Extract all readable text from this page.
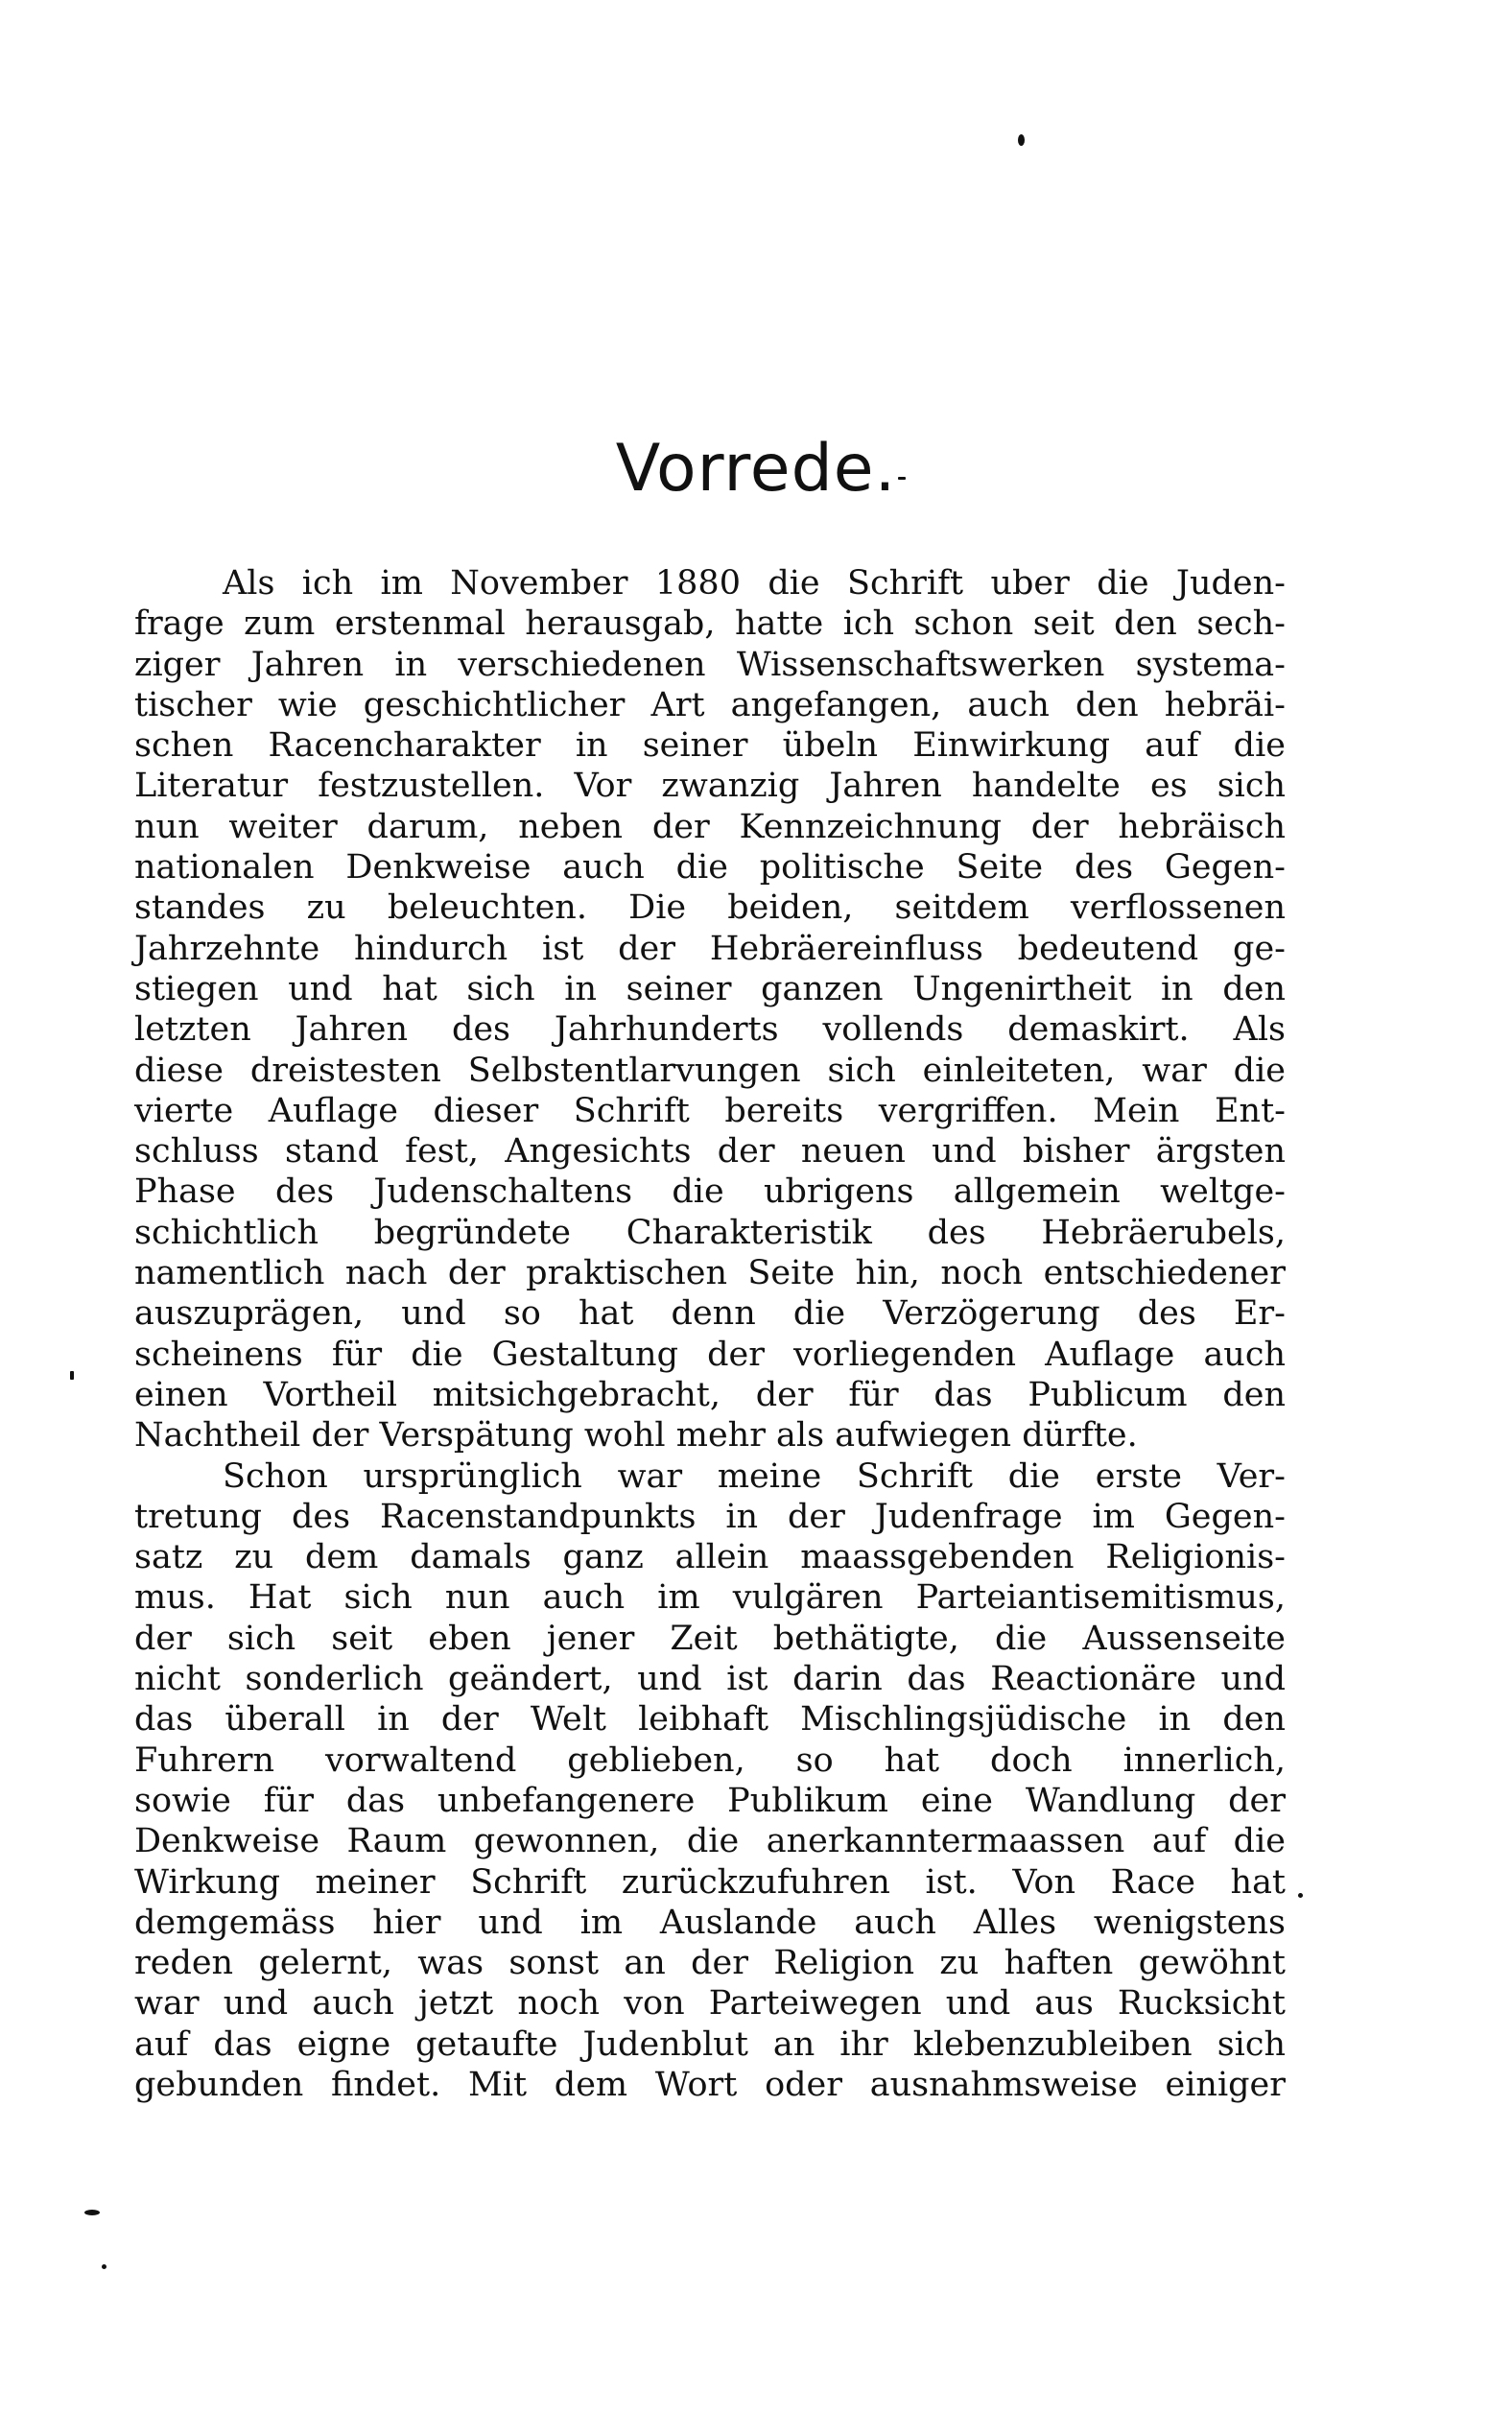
Vorrede.
Als ich im November 1880 die Schrift uber die Juden-
frage zum erstenmal herausgab, hatte ich schon seit den sech-
ziger Jahren in verschiedenen Wissenschaftswerken systema-
tischer wie geschichtlicher Art angefangen, auch den hebräi-
schen Racencharakter in seiner übeln Einwirkung auf die
Literatur festzustellen. Vor zwanzig Jahren handelte es sich
nun weiter darum, neben der Kennzeichnung der hebräisch
nationalen Denkweise auch die politische Seite des Gegen-
standes zu beleuchten. Die beiden, seitdem verflossenen
Jahrzehnte hindurch ist der Hebräereinfluss bedeutend ge-
stiegen und hat sich in seiner ganzen Ungenirtheit in den
letzten Jahren des Jahrhunderts vollends demaskirt. Als
diese dreistesten Selbstentlarvungen sich einleiteten, war die
vierte Auflage dieser Schrift bereits vergriffen. Mein Ent-
schluss stand fest, Angesichts der neuen und bisher ärgsten
Phase des Judenschaltens die ubrigens allgemein weltge-
schichtlich begründete Charakteristik des Hebräerubels,
namentlich nach der praktischen Seite hin, noch entschiedener
auszuprägen, und so hat denn die Verzögerung des Er-
scheinens für die Gestaltung der vorliegenden Auflage auch
einen Vortheil mitsichgebracht, der für das Publicum den
Nachtheil der Verspätung wohl mehr als aufwiegen dürfte.
Schon ursprünglich war meine Schrift die erste Ver-
tretung des Racenstandpunkts in der Judenfrage im Gegen-
satz zu dem damals ganz allein maassgebenden Religionis-
mus. Hat sich nun auch im vulgären Parteiantisemitismus,
der sich seit eben jener Zeit bethätigte, die Aussenseite
nicht sonderlich geändert, und ist darin das Reactionäre und
das überall in der Welt leibhaft Mischlingsjüdische in den
Fuhrern vorwaltend geblieben, so hat doch innerlich,
sowie für das unbefangenere Publikum eine Wandlung der
Denkweise Raum gewonnen, die anerkanntermaassen auf die
Wirkung meiner Schrift zurückzufuhren ist. Von Race hat
demgemäss hier und im Auslande auch Alles wenigstens
reden gelernt, was sonst an der Religion zu haften gewöhnt
war und auch jetzt noch von Parteiwegen und aus Rucksicht
auf das eigne getaufte Judenblut an ihr klebenzubleiben sich
gebunden findet. Mit dem Wort oder ausnahmsweise einiger
